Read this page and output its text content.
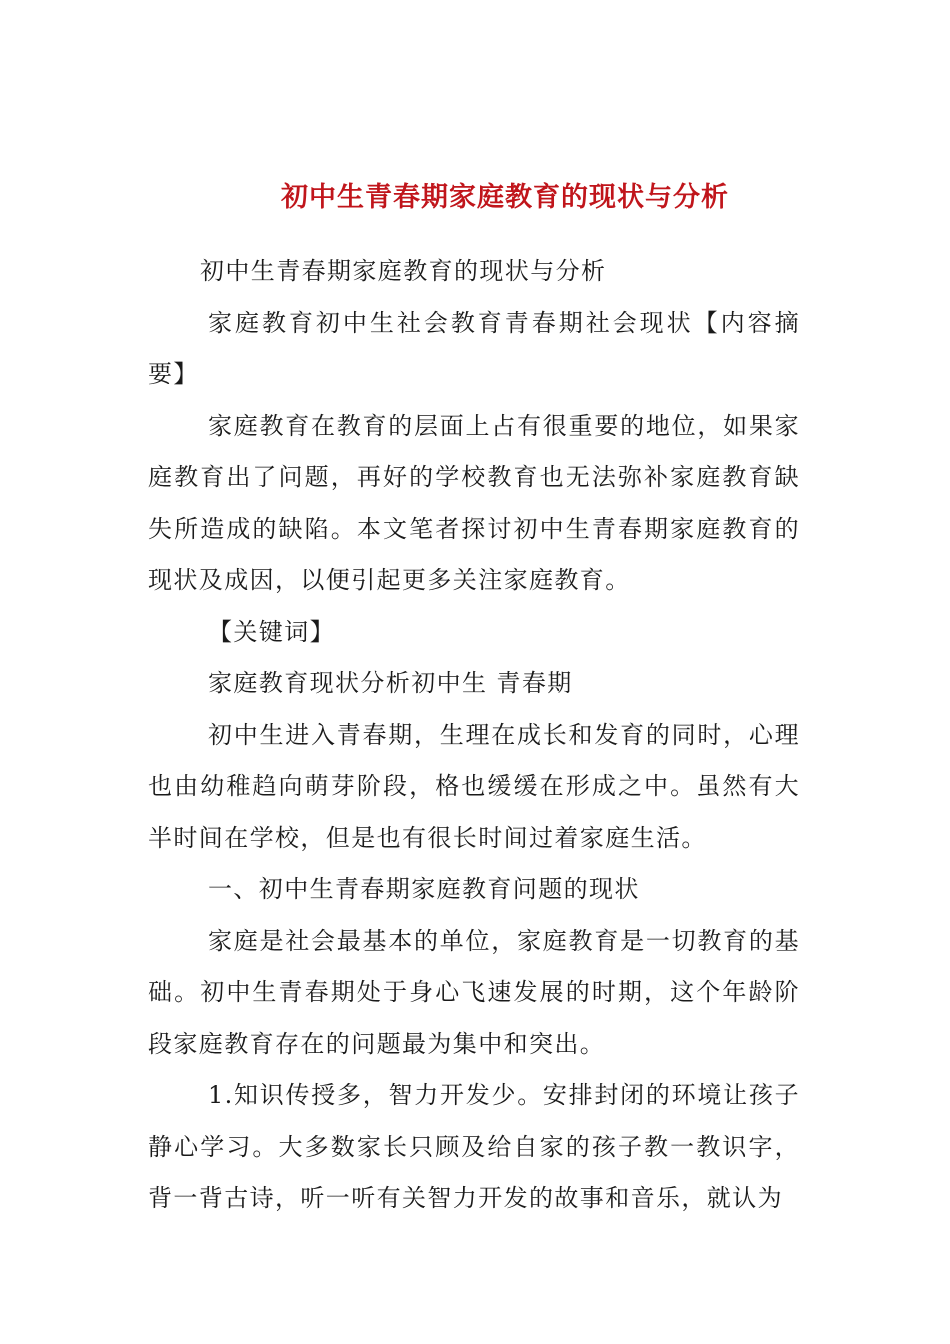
初中生青春期家庭教育的现状与分析

初中生青春期家庭教育的现状与分析

家庭教育初中生社会教育青春期社会现状【内容摘要】

家庭教育在教育的层面上占有很重要的地位，如果家庭教育出了问题，再好的学校教育也无法弥补家庭教育缺失所造成的缺陷。本文笔者探讨初中生青春期家庭教育的现状及成因，以便引起更多关注家庭教育。

【关键词】

家庭教育现状分析初中生 青春期

初中生进入青春期，生理在成长和发育的同时，心理也由幼稚趋向萌芽阶段，格也缓缓在形成之中。虽然有大半时间在学校，但是也有很长时间过着家庭生活。

一、初中生青春期家庭教育问题的现状

家庭是社会最基本的单位，家庭教育是一切教育的基础。初中生青春期处于身心飞速发展的时期，这个年龄阶段家庭教育存在的问题最为集中和突出。

1.知识传授多，智力开发少。安排封闭的环境让孩子静心学习。大多数家长只顾及给自家的孩子教一教识字，背一背古诗，听一听有关智力开发的故事和音乐，就认为
